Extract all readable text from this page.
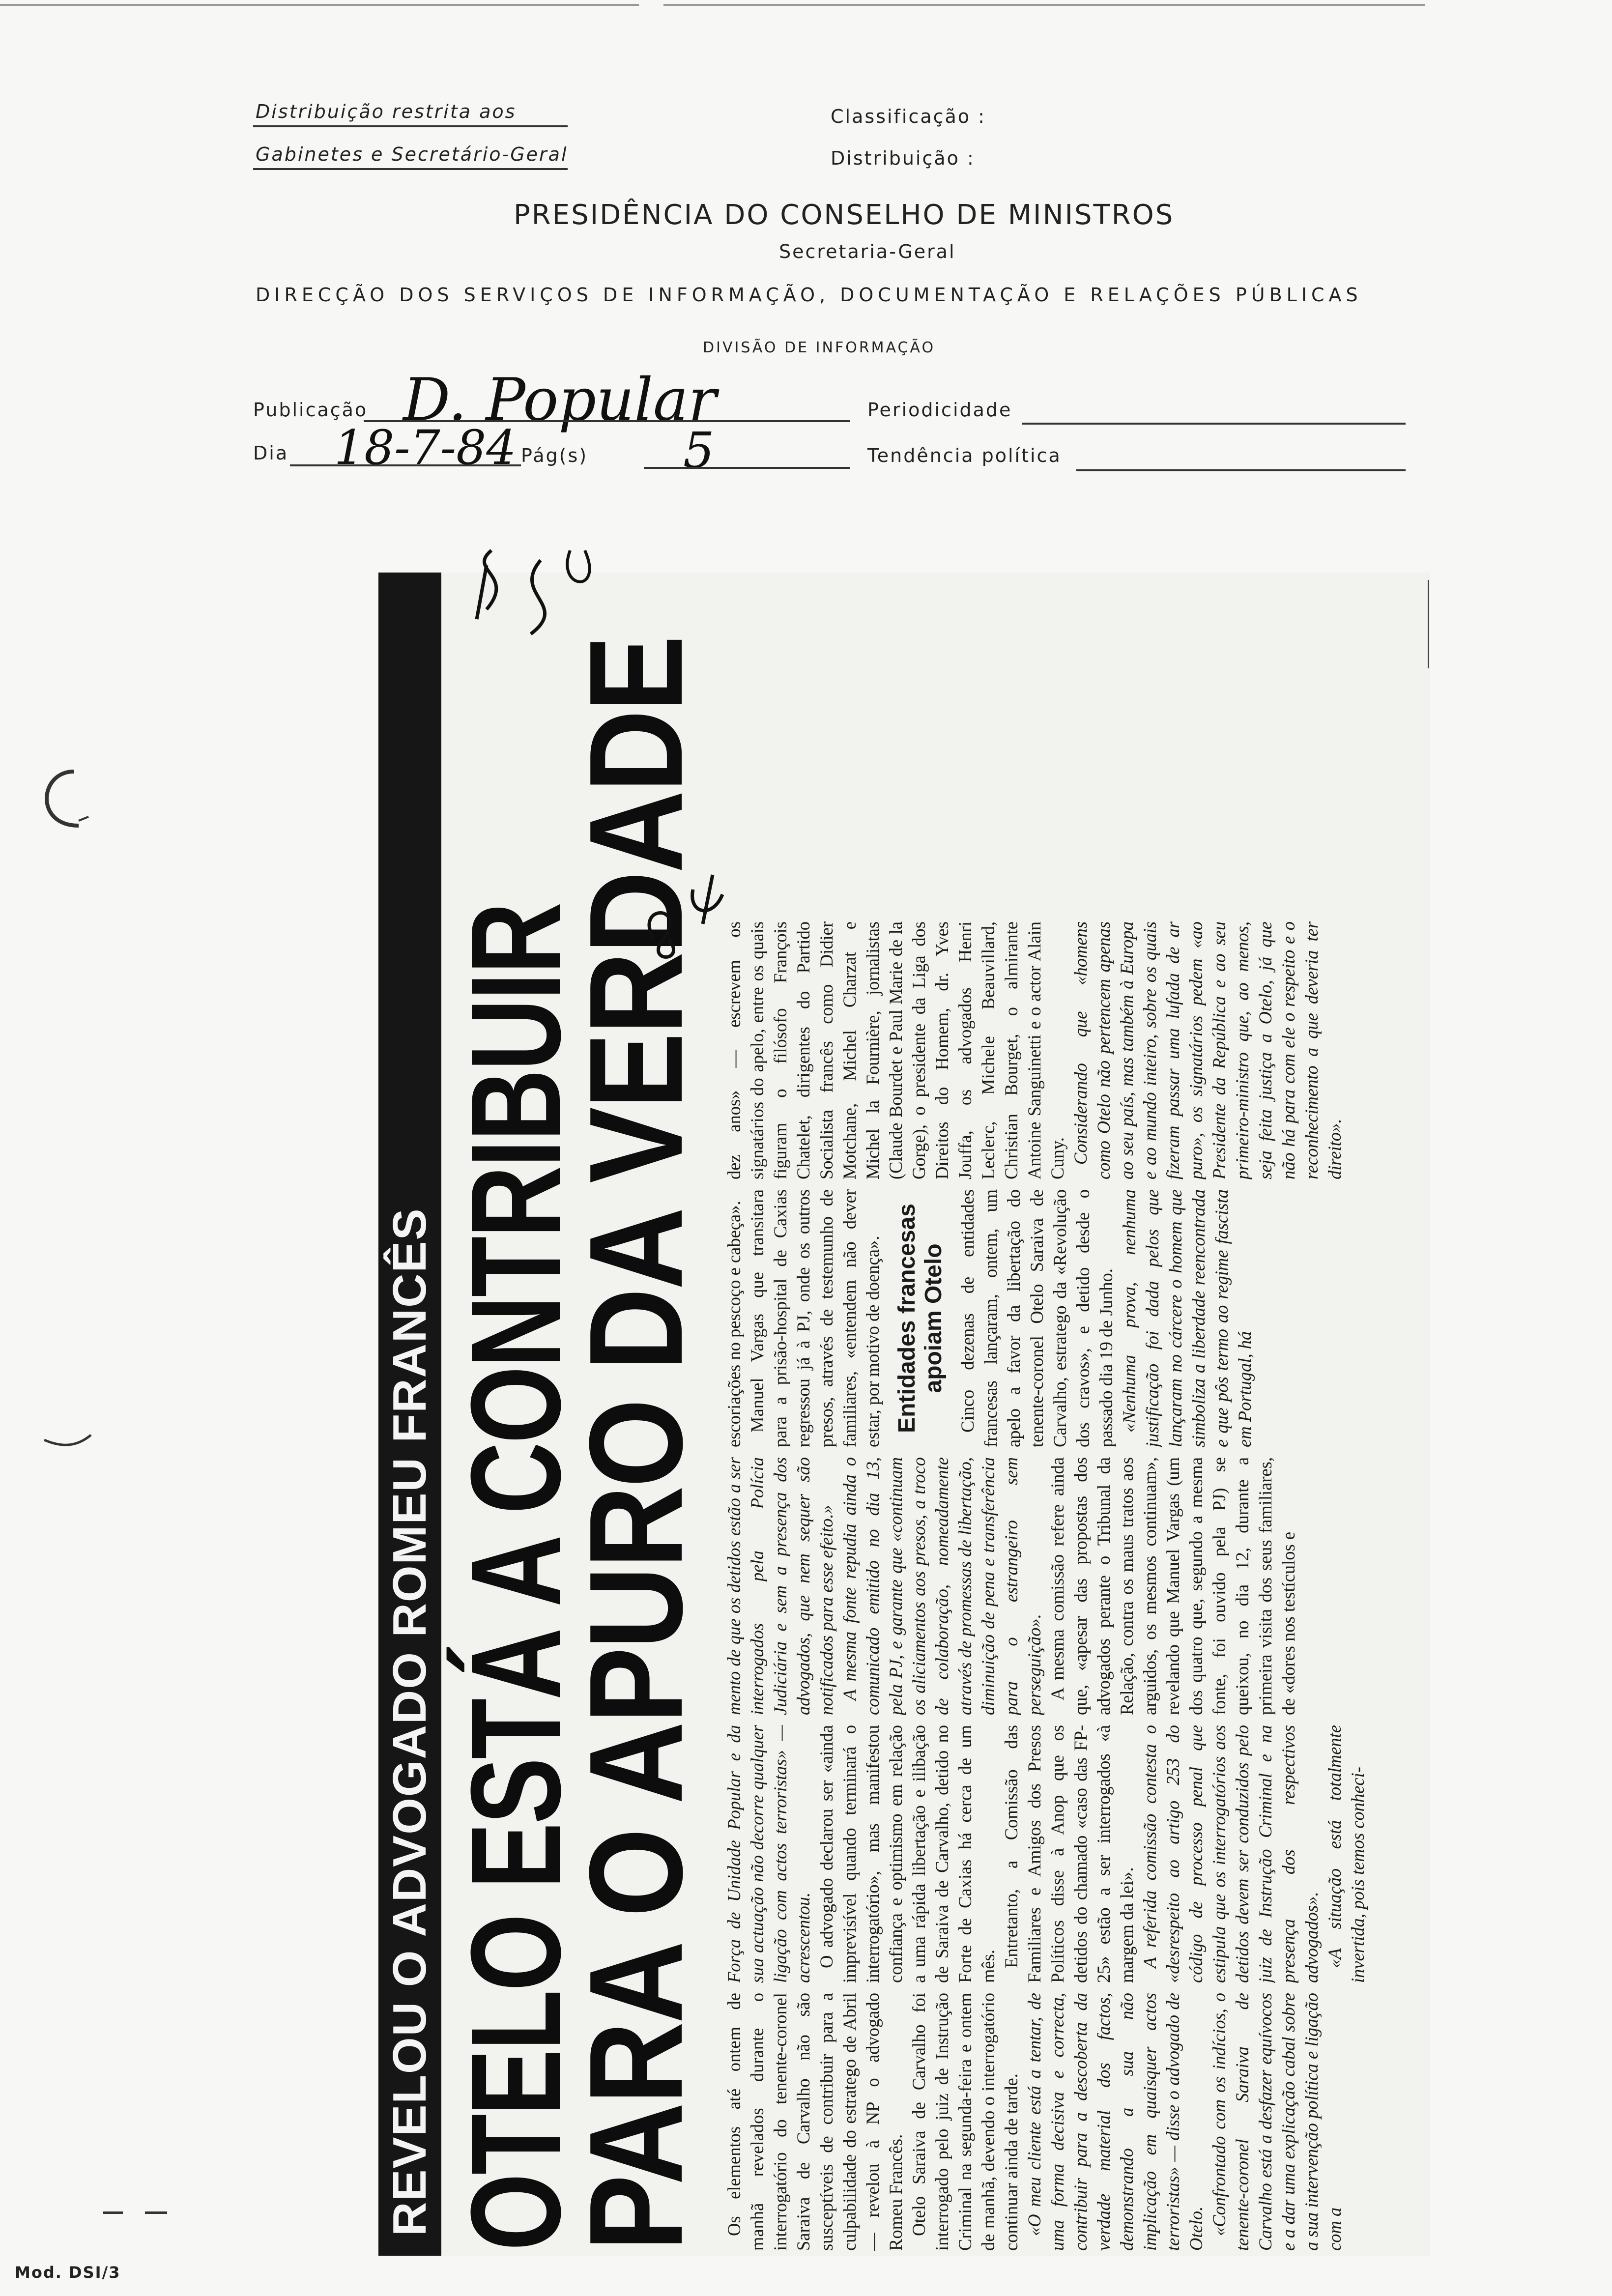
Distribuição restrita aos
Gabinetes e Secretário-Geral
Classificação :
Distribuição :
PRESIDÊNCIA DO CONSELHO DE MINISTROS
Secretaria-Geral
DIRECÇÃO DOS SERVIÇOS DE INFORMAÇÃO, DOCUMENTAÇÃO E RELAÇÕES PÚBLICAS
DIVISÃO DE INFORMAÇÃO
Publicação D. Popular	Periodicidade
Dia 18-7-84 Pág(s) 5	Tendência política
REVELOU O ADVOGADO ROMEU FRANCÊS OTELO ESTÁ A CONTRIBUIR
PARA O APURO DA VERDADE Os elementos até ontem de manhã revelados durante o interrogatório do tenente-coronel Saraiva de Carvalho não são susceptíveis de contribuir para a culpabilidade do estratego de Abril — revelou à NP o advogado Romeu Francês. Otelo Saraiva de Carvalho foi interrogado pelo juiz de Instrução Criminal na segunda-feira e ontem de manhã, devendo o interrogatório continuar ainda de tarde. «O meu cliente está a tentar, de uma forma decisiva e correcta, contribuir para a descoberta da verdade material dos factos, demonstrando a sua não implicação em quaisquer actos terroristas» — disse o advogado de Otelo. «Confrontado com os indícios, o tenente-coronel Saraiva de Carvalho está a desfazer equívocos e a dar uma explicação cabal sobre a sua intervenção política e ligação com a

Força de Unidade Popular e da sua actuação não decorre qualquer ligação com actos terroristas» — acrescentou. O advogado declarou ser «ainda imprevisível quando terminará o interrogatório», mas manifestou confiança e optimismo em relação a uma rápida libertação e ilibação de Saraiva de Carvalho, detido no Forte de Caxias há cerca de um mês. Entretanto, a Comissão das Familiares e Amigos dos Presos Políticos disse à Anop que os detidos do chamado «caso das FP-25» estão a ser interrogados «à margem da lei». A referida comissão contesta o «desrespeito ao artigo 253 do código de processo penal que estipula que os interrogatórios aos detidos devem ser conduzidos pelo juiz de Instrução Criminal e na presença dos respectivos advogados». «A situação está totalmente invertida, pois temos conheci-

mento de que os detidos estão a ser interrogados pela Polícia Judiciária e sem a presença dos advogados, que nem sequer são notificados para esse efeito.» A mesma fonte repudia ainda o comunicado emitido no dia 13, pela PJ, e garante que «continuam os aliciamentos aos presos, a troco de colaboração, nomeadamente através de promessas de libertação, diminuição de pena e transferência para o estrangeiro sem perseguição». A mesma comissão refere ainda que, «apesar das propostas dos advogados perante o Tribunal da Relação, contra os maus tratos aos arguidos, os mesmos continuam», revelando que Manuel Vargas (um dos quatro que, segundo a mesma fonte, foi ouvido pela PJ) se queixou, no dia 12, durante a primeira visita dos seus familiares, de «dores nos testículos e

escoriações no pescoço e cabeça». Manuel Vargas que transitara para a prisão-hospital de Caxias regressou já à PJ, onde os outros presos, através de testemunho de familiares, «entendem não dever estar, por motivo de doença». Entidades francesas apoiam Otelo Cinco dezenas de entidades francesas lançaram, ontem, um apelo a favor da libertação do tenente-coronel Otelo Saraiva de Carvalho, estratego da «Revolução dos cravos», e detido desde o passado dia 19 de Junho. «Nenhuma prova, nenhuma justificação foi dada pelos que lançaram no cárcere o homem que simboliza a liberdade reencontrada e que pôs termo ao regime fascista em Portugal, há

dez anos» — escrevem os signatários do apelo, entre os quais figuram o filósofo François Chatelet, dirigentes do Partido Socialista francês como Didier Motchane, Michel Charzat e Michel la Fournière, jornalistas (Claude Bourdet e Paul Marie de la Gorge), o presidente da Liga dos Direitos do Homem, dr. Yves Jouffa, os advogados Henri Leclerc, Michele Beauvillard, Christian Bourget, o almirante Antoine Sanguinetti e o actor Alain Cuny. Considerando que «homens como Otelo não pertencem apenas ao seu país, mas também à Europa e ao mundo inteiro, sobre os quais fizeram passar uma lufada de ar puro», os signatários pedem «ao Presidente da República e ao seu primeiro-ministro que, ao menos, seja feita justiça a Otelo, já que não há para com ele o respeito e o reconhecimento a que deveria ter direito».

Mod. DSI/3
